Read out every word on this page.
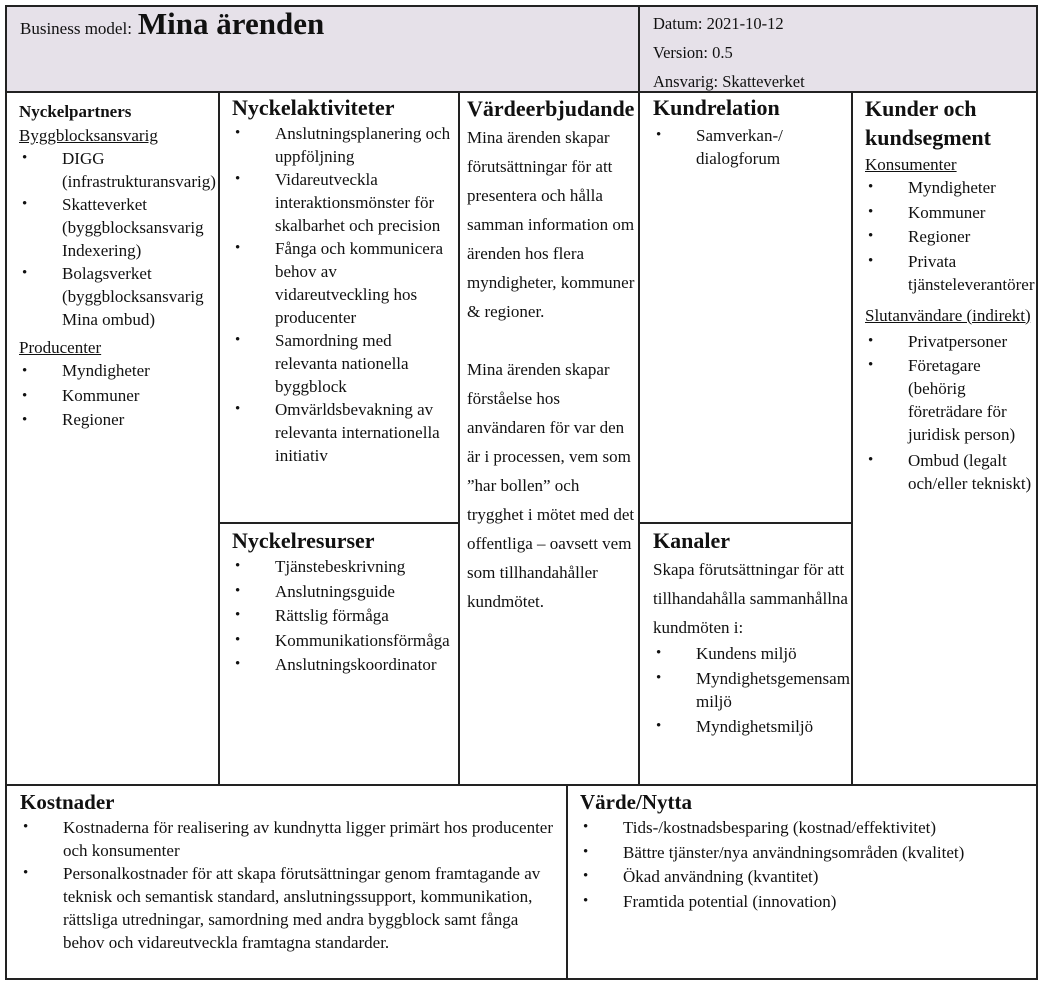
Business model: Mina ärenden	Datum: 2021-10-12
Version: 0.5
Ansvarig: Skatteverket
Nyckelpartners
Byggblocksansvarig
• DIGG (infrastrukturansvarig)
• Skatteverket (byggblocksansvarig Indexering)
• Bolagsverket (byggblocksansvarig Mina ombud)
Producenter
• Myndigheter
• Kommuner
• Regioner
Nyckelaktiviteter
• Anslutningsplanering och uppföljning
• Vidareutveckla interaktionsmönster för skalbarhet och precision
• Fånga och kommunicera behov av vidareutveckling hos producenter
• Samordning med relevanta nationella byggblock
• Omvärldsbevakning av relevanta internationella initiativ
Nyckelresurser
• Tjänstebeskrivning
• Anslutningsguide
• Rättslig förmåga
• Kommunikationsförmåga
• Anslutningskoordinator
Värdeerbjudande
Mina ärenden skapar förutsättningar för att presentera och hålla samman information om ärenden hos flera myndigheter, kommuner & regioner.
Mina ärenden skapar förståelse hos användaren för var den är i processen, vem som ”har bollen” och trygghet i mötet med det offentliga – oavsett vem som tillhandahåller kundmötet.
Kundrelation
• Samverkan-/ dialogforum
Kanaler
Skapa förutsättningar för att tillhandahålla sammanhållna kundmöten i:
• Kundens miljö
• Myndighetsgemensam miljö
• Myndighetsmiljö
Kunder och kundsegment
Konsumenter
• Myndigheter
• Kommuner
• Regioner
• Privata tjänsteleverantörer
Slutanvändare (indirekt)
• Privatpersoner
• Företagare (behörig företrädare för juridisk person)
• Ombud (legalt och/eller tekniskt)
Kostnader
• Kostnaderna för realisering av kundnytta ligger primärt hos producenter och konsumenter
• Personalkostnader för att skapa förutsättningar genom framtagande av teknisk och semantisk standard, anslutningssupport, kommunikation, rättsliga utredningar, samordning med andra byggblock samt fånga behov och vidareutveckla framtagna standarder.
Värde/Nytta
• Tids-/kostnadsbesparing (kostnad/effektivitet)
• Bättre tjänster/nya användningsområden (kvalitet)
• Ökad användning (kvantitet)
• Framtida potential (innovation)
